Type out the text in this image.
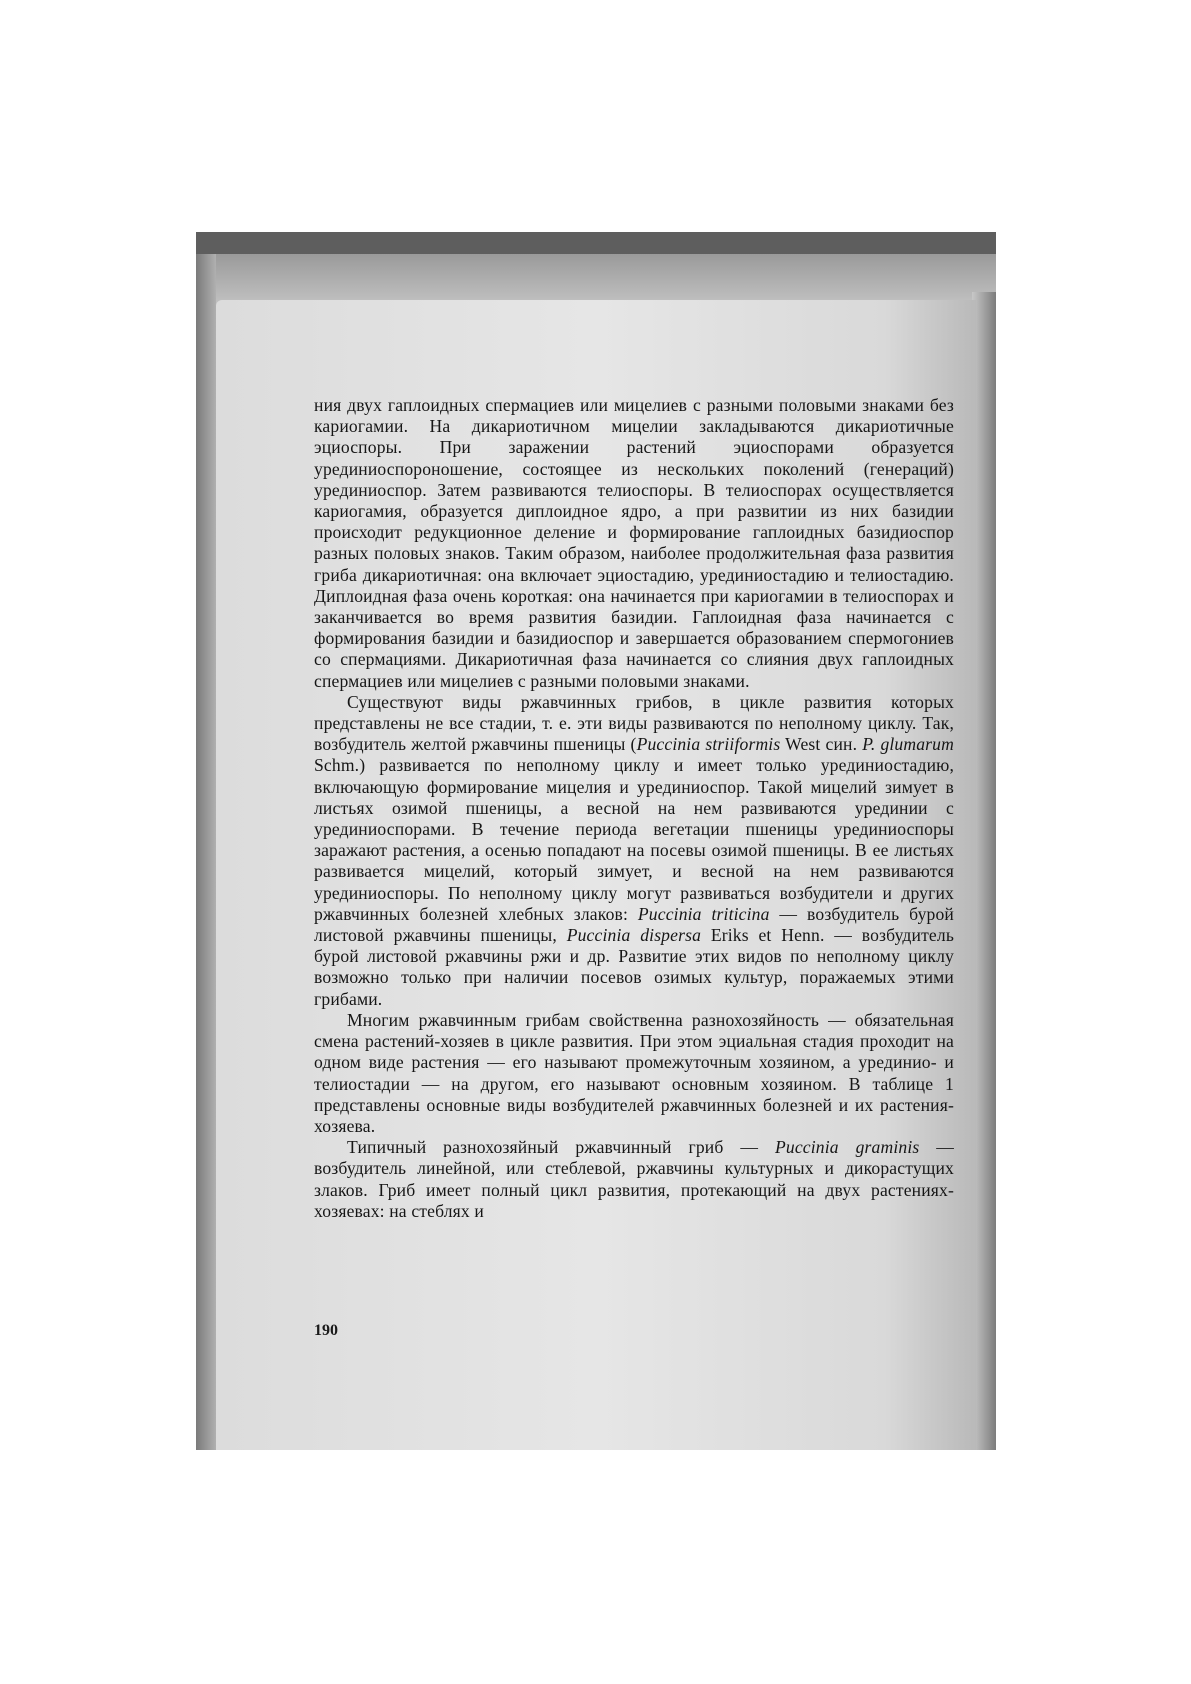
ния двух гаплоидных спермациев или мицелиев с разными половыми знаками без кариогамии. На дикариотичном мицелии закладываются дикариотичные эциоспоры. При заражении растений эциоспорами образуется урединиоспороношение, состоящее из нескольких поколений (генераций) урединиоспор. Затем развиваются телиоспоры. В телиоспорах осуществляется кариогамия, образуется диплоидное ядро, а при развитии из них базидии происходит редукционное деление и формирование гаплоидных базидиоспор разных половых знаков. Таким образом, наиболее продолжительная фаза развития гриба дикариотичная: она включает эциостадию, урединиостадию и телиостадию. Диплоидная фаза очень короткая: она начинается при кариогамии в телиоспорах и заканчивается во время развития базидии. Гаплоидная фаза начинается с формирования базидии и базидиоспор и завершается образованием спермогониев со спермациями. Дикариотичная фаза начинается со слияния двух гаплоидных спермациев или мицелиев с разными половыми знаками.

Существуют виды ржавчинных грибов, в цикле развития которых представлены не все стадии, т. е. эти виды развиваются по неполному циклу. Так, возбудитель желтой ржавчины пшеницы (Puccinia striiformis West син. P. glumarum Schm.) развивается по неполному циклу и имеет только урединиостадию, включающую формирование мицелия и урединиоспор. Такой мицелий зимует в листьях озимой пшеницы, а весной на нем развиваются урединии с урединиоспорами. В течение периода вегетации пшеницы урединиоспоры заражают растения, а осенью попадают на посевы озимой пшеницы. В ее листьях развивается мицелий, который зимует, и весной на нем развиваются урединиоспоры. По неполному циклу могут развиваться возбудители и других ржавчинных болезней хлебных злаков: Puccinia triticina — возбудитель бурой листовой ржавчины пшеницы, Puccinia dispersa Eriks et Henn. — возбудитель бурой листовой ржавчины ржи и др. Развитие этих видов по неполному циклу возможно только при наличии посевов озимых культур, поражаемых этими грибами.

Многим ржавчинным грибам свойственна разнохозяйность — обязательная смена растений-хозяев в цикле развития. При этом эциальная стадия проходит на одном виде растения — его называют промежуточным хозяином, а урединио- и телиостадии — на другом, его называют основным хозяином. В таблице 1 представлены основные виды возбудителей ржавчинных болезней и их растения-хозяева.

Типичный разнохозяйный ржавчинный гриб — Puccinia graminis — возбудитель линейной, или стеблевой, ржавчины культурных и дикорастущих злаков. Гриб имеет полный цикл развития, протекающий на двух растениях-хозяевах: на стеблях и

190
